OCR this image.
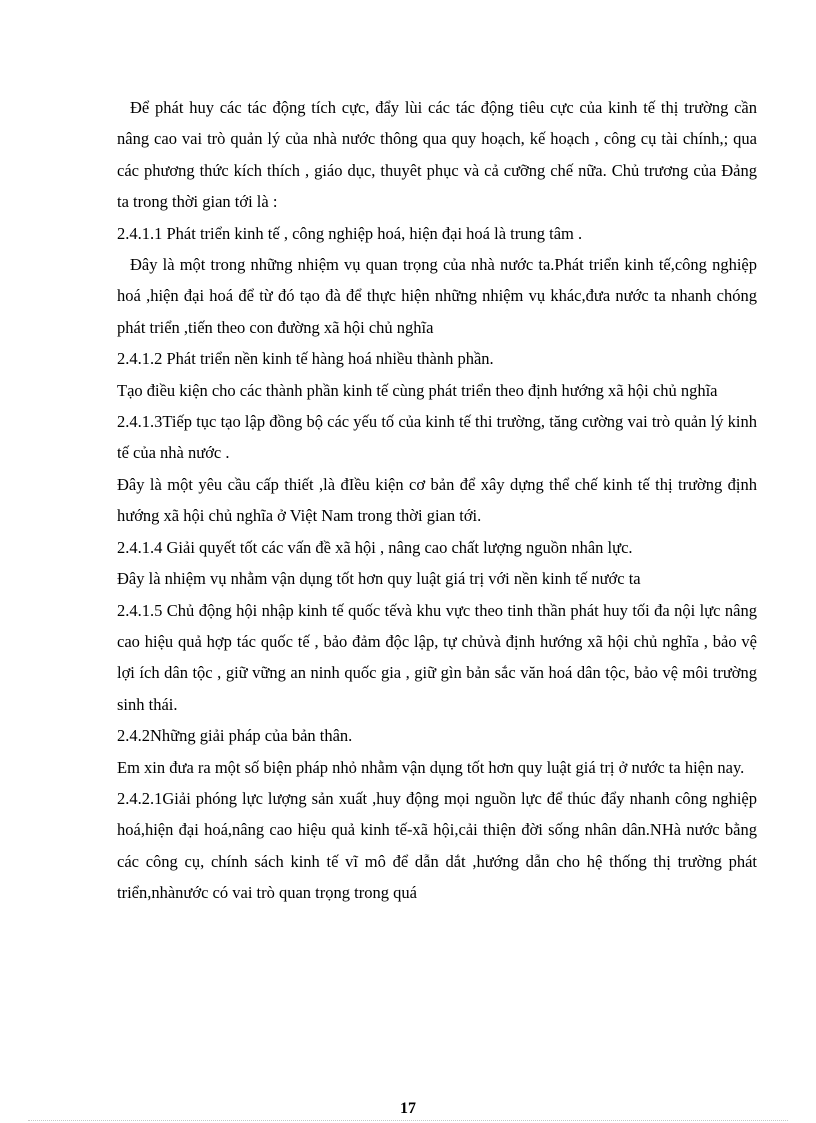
Để phát huy các tác động tích cực, đẩy lùi các tác động tiêu cực của kinh tế thị trường cần nâng cao vai trò quản lý của nhà nước thông qua quy hoạch, kế hoạch , công cụ tài chính,; qua các phương thức kích thích , giáo dục, thuyêt phục và cả cưỡng chế nữa. Chủ trương của Đảng ta trong thời gian tới là :

2.4.1.1 Phát triển kinh tế , công nghiệp hoá, hiện đại hoá là trung tâm .

Đây là một trong những nhiệm vụ quan trọng của nhà nước ta.Phát triển kinh tế,công nghiệp hoá ,hiện đại hoá để từ đó tạo đà để thực hiện những nhiệm vụ khác,đưa nước ta nhanh chóng phát triển ,tiến theo con đường xã hội chủ nghĩa

2.4.1.2 Phát triển nền kinh tế hàng hoá nhiều thành phần.

Tạo điều kiện cho các thành phần kinh tế cùng phát triển theo định hướng xã hội chủ nghĩa

2.4.1.3Tiếp tục tạo lập đồng bộ các yếu tố của kinh tế thi trường, tăng cường vai trò quản lý kinh tế của nhà nước .

Đây là một yêu cầu cấp thiết ,là đIều kiện cơ bản để xây dựng thể chế kinh tế thị trường định hướng xã hội chủ nghĩa ở Việt Nam trong thời gian tới.

2.4.1.4 Giải quyết tốt các vấn đề xã hội , nâng cao chất lượng nguồn nhân lực.

Đây là nhiệm vụ nhằm vận dụng tốt hơn quy luật giá trị với nền kinh tế nước ta

2.4.1.5 Chủ động hội nhập kinh tế quốc tếvà khu vực theo tinh thần phát huy tối đa nội lực nâng cao hiệu quả hợp tác quốc tế , bảo đảm độc lập, tự chủvà định hướng xã hội chủ nghĩa , bảo vệ lợi ích dân tộc , giữ vững an ninh quốc gia , giữ gìn bản sắc văn hoá dân tộc, bảo vệ môi trường sinh thái.

2.4.2Những giải pháp của bản thân.

Em xin đưa ra một số biện pháp nhỏ nhằm vận dụng tốt hơn quy luật giá trị ở nước ta hiện nay.

2.4.2.1Giải phóng lực lượng sản xuất ,huy động mọi nguồn lực để thúc đẩy nhanh công nghiệp hoá,hiện đại hoá,nâng cao hiệu quả kinh tế-xã hội,cải thiện đời sống nhân dân.NHà nước bằng các công cụ, chính sách kinh tế vĩ mô để dẫn dắt ,hướng dẫn cho hệ thống thị trường phát triển,nhànước có vai trò quan trọng trong quá

17
